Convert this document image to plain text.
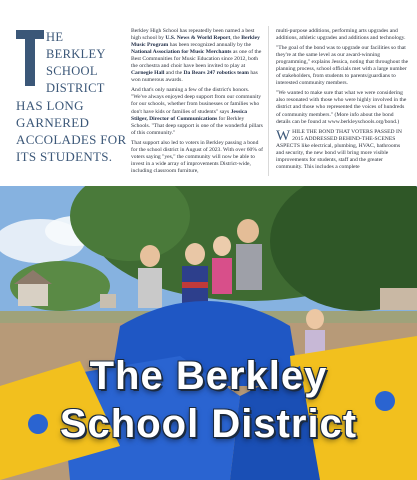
HE
BERKLEY
SCHOOL
DISTRICT
HAS LONG
GARNERED
ACCOLADES FOR
ITS STUDENTS.

Berkley High School has repeatedly been named a best high school by U.S. News & World Report, the Berkley Music Program has been recognized annually by the National Association for Music Merchants as one of the Best Communities for Music Education since 2012, both the orchestra and choir have been invited to play at Carnegie Hall and the Da Bears 247 robotics team has won numerous awards.

And that's only naming a few of the district's honors. "We've always enjoyed deep support from our community for our schools, whether from businesses or families who don't have kids or families of students" says Jessica Stilger, Director of Communications for Berkley Schools. "That deep support is one of the wonderful pillars of this community."

That support also led to voters in Berkley passing a bond for the school district in August of 2023. With over 60% of voters saying "yes," the community will now be able to invest in a wide array of improvements District-wide, including classroom furniture,

multi-purpose additions, performing arts upgrades and additions, athletic upgrades and additions and technology.

"The goal of the bond was to upgrade our facilities so that they're at the same level as our award-winning programming," explains Jessica, noting that throughout the planning process, school officials met with a large number of stakeholders, from students to parents/guardians to interested community members.

"We wanted to make sure that what we were considering also resonated with those who were highly involved in the district and those who represented the voices of hundreds of community members." (More info about the bond details can be found at www.berkleyschools.org/bond.)

WHILE THE BOND THAT VOTERS PASSED IN 2015 ADDRESSED BEHIND-THE-SCENES ASPECTS like electrical, plumbing, HVAC, bathrooms and security, the new bond will bring more visible improvements for students, staff and the greater community. This includes a complete

The Berkley
School District
